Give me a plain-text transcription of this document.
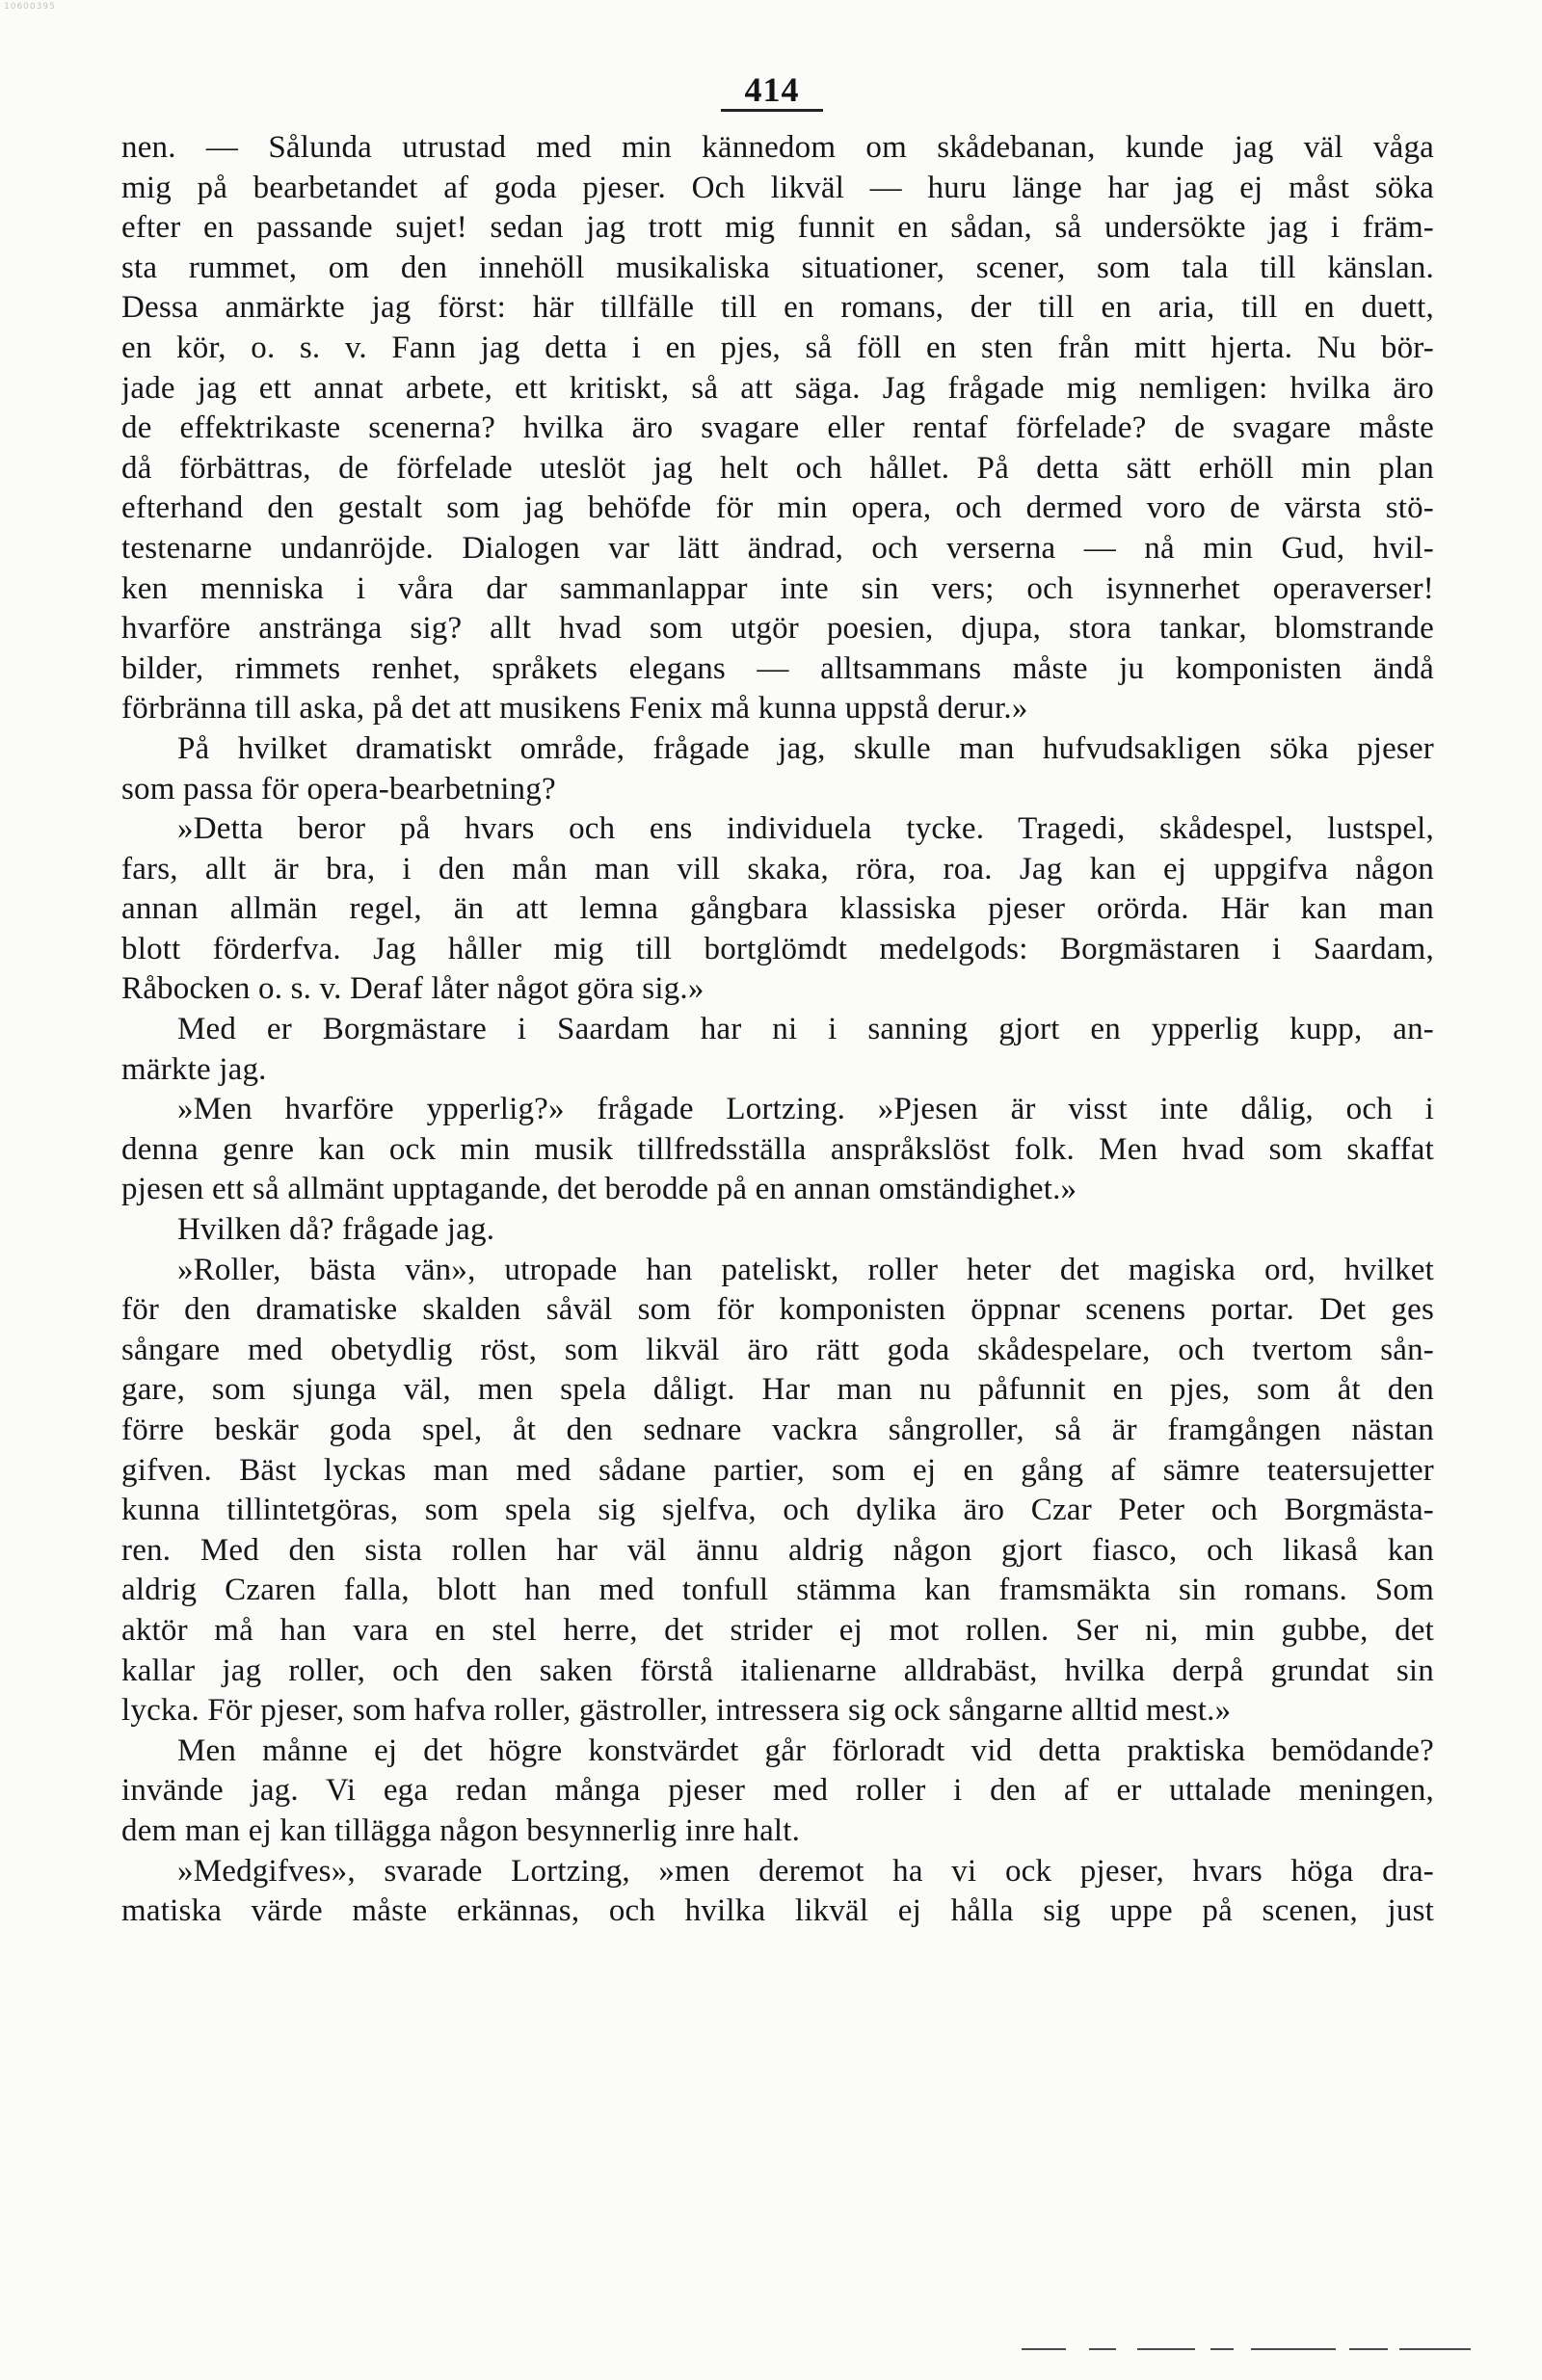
10600395
414
nen. — Sålunda utrustad med min kännedom om skådebanan, kunde jag väl våga
mig på bearbetandet af goda pjeser. Och likväl — huru länge har jag ej måst söka
efter en passande sujet! sedan jag trott mig funnit en sådan, så undersökte jag i främ-
sta rummet, om den innehöll musikaliska situationer, scener, som tala till känslan.
Dessa anmärkte jag först: här tillfälle till en romans, der till en aria, till en duett,
en kör, o. s. v. Fann jag detta i en pjes, så föll en sten från mitt hjerta. Nu bör-
jade jag ett annat arbete, ett kritiskt, så att säga. Jag frågade mig nemligen: hvilka äro
de effektrikaste scenerna? hvilka äro svagare eller rentaf förfelade? de svagare måste
då förbättras, de förfelade uteslöt jag helt och hållet. På detta sätt erhöll min plan
efterhand den gestalt som jag behöfde för min opera, och dermed voro de värsta stö-
testenarne undanröjde. Dialogen var lätt ändrad, och verserna — nå min Gud, hvil-
ken menniska i våra dar sammanlappar inte sin vers; och isynnerhet operaverser!
hvarföre anstränga sig? allt hvad som utgör poesien, djupa, stora tankar, blomstrande
bilder, rimmets renhet, språkets elegans — alltsammans måste ju komponisten ändå
förbränna till aska, på det att musikens Fenix må kunna uppstå derur.»
På hvilket dramatiskt område, frågade jag, skulle man hufvudsakligen söka pjeser
som passa för opera-bearbetning?
»Detta beror på hvars och ens individuela tycke. Tragedi, skådespel, lustspel,
fars, allt är bra, i den mån man vill skaka, röra, roa. Jag kan ej uppgifva någon
annan allmän regel, än att lemna gångbara klassiska pjeser orörda. Här kan man
blott förderfva. Jag håller mig till bortglömdt medelgods: Borgmästaren i Saardam,
Råbocken o. s. v. Deraf låter något göra sig.»
Med er Borgmästare i Saardam har ni i sanning gjort en ypperlig kupp, an-
märkte jag.
»Men hvarföre ypperlig?» frågade Lortzing. »Pjesen är visst inte dålig, och i
denna genre kan ock min musik tillfredsställa anspråkslöst folk. Men hvad som skaffat
pjesen ett så allmänt upptagande, det berodde på en annan omständighet.»
Hvilken då? frågade jag.
»Roller, bästa vän», utropade han pateliskt, roller heter det magiska ord, hvilket
för den dramatiske skalden såväl som för komponisten öppnar scenens portar. Det ges
sångare med obetydlig röst, som likväl äro rätt goda skådespelare, och tvertom sån-
gare, som sjunga väl, men spela dåligt. Har man nu påfunnit en pjes, som åt den
förre beskär goda spel, åt den sednare vackra sångroller, så är framgången nästan
gifven. Bäst lyckas man med sådane partier, som ej en gång af sämre teatersujetter
kunna tillintetgöras, som spela sig sjelfva, och dylika äro Czar Peter och Borgmästa-
ren. Med den sista rollen har väl ännu aldrig någon gjort fiasco, och likaså kan
aldrig Czaren falla, blott han med tonfull stämma kan framsmäkta sin romans. Som
aktör må han vara en stel herre, det strider ej mot rollen. Ser ni, min gubbe, det
kallar jag roller, och den saken förstå italienarne alldrabäst, hvilka derpå grundat sin
lycka. För pjeser, som hafva roller, gästroller, intressera sig ock sångarne alltid mest.»
Men månne ej det högre konstvärdet går förloradt vid detta praktiska bemödande?
invände jag. Vi ega redan många pjeser med roller i den af er uttalade meningen,
dem man ej kan tillägga någon besynnerlig inre halt.
»Medgifves», svarade Lortzing, »men deremot ha vi ock pjeser, hvars höga dra-
matiska värde måste erkännas, och hvilka likväl ej hålla sig uppe på scenen, just
